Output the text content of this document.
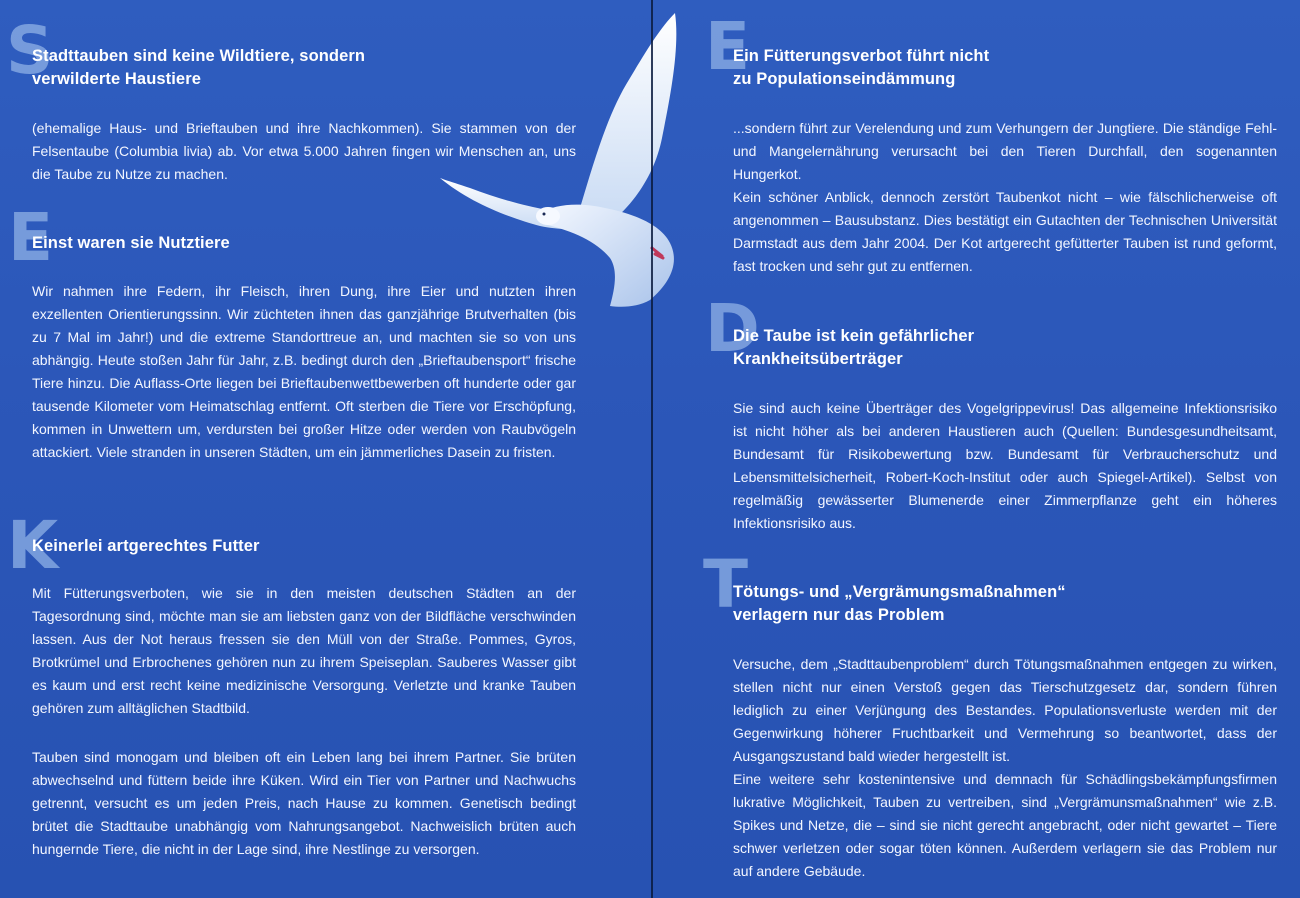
S
Stadttauben sind keine Wildtiere, sondern
verwilderte Haustiere

(ehemalige Haus- und Brieftauben und ihre Nachkommen). Sie stammen von der Felsentaube (Columbia livia) ab. Vor etwa 5.000 Jahren fingen wir Menschen an, uns die Taube zu Nutze zu machen.

E
Einst waren sie Nutztiere

Wir nahmen ihre Federn, ihr Fleisch, ihren Dung, ihre Eier und nutzten ihren exzellenten Orientierungssinn. Wir züchteten ihnen das ganzjährige Brutverhalten (bis zu 7 Mal im Jahr!) und die extreme Standorttreue an, und machten sie so von uns abhängig. Heute stoßen Jahr für Jahr, z.B. bedingt durch den „Brieftaubensport“ frische Tiere hinzu. Die Auflass-Orte liegen bei Brieftaubenwettbewerben oft hunderte oder gar tausende Kilometer vom Heimatschlag entfernt. Oft sterben die Tiere vor Erschöpfung, kommen in Unwettern um, verdursten bei großer Hitze oder werden von Raubvögeln attackiert. Viele stranden in unseren Städten, um ein jämmerliches Dasein zu fristen.

K
Keinerlei artgerechtes Futter

Mit Fütterungsverboten, wie sie in den meisten deutschen Städten an der Tagesordnung sind, möchte man sie am liebsten ganz von der Bildfläche verschwinden lassen. Aus der Not heraus fressen sie den Müll von der Straße. Pommes, Gyros, Brotkrümel und Erbrochenes gehören nun zu ihrem Speiseplan. Sauberes Wasser gibt es kaum und erst recht keine medizinische Versorgung. Verletzte und kranke Tauben gehören zum alltäglichen Stadtbild.

Tauben sind monogam und bleiben oft ein Leben lang bei ihrem Partner. Sie brüten abwechselnd und füttern beide ihre Küken. Wird ein Tier von Partner und Nachwuchs getrennt, versucht es um jeden Preis, nach Hause zu kommen. Genetisch bedingt brütet die Stadttaube unabhängig vom Nahrungsangebot. Nachweislich brüten auch hungernde Tiere, die nicht in der Lage sind, ihre Nestlinge zu versorgen.

E
Ein Fütterungsverbot führt nicht
zu Populationseindämmung

...sondern führt zur Verelendung und zum Verhungern der Jungtiere. Die ständige Fehl- und Mangelernährung verursacht bei den Tieren Durchfall, den sogenannten Hungerkot.

Kein schöner Anblick, dennoch zerstört Taubenkot nicht – wie fälschlicherweise oft angenommen – Bausubstanz. Dies bestätigt ein Gutachten der Technischen Universität Darmstadt aus dem Jahr 2004. Der Kot artgerecht gefütterter Tauben ist rund geformt, fast trocken und sehr gut zu entfernen.

D
Die Taube ist kein gefährlicher
Krankheitsüberträger

Sie sind auch keine Überträger des Vogelgrippevirus! Das allgemeine Infektionsrisiko ist nicht höher als bei anderen Haustieren auch (Quellen: Bundesgesundheitsamt, Bundesamt für Risikobewertung bzw. Bundesamt für Verbraucherschutz und Lebensmittelsicherheit, Robert-Koch-Institut oder auch Spiegel-Artikel). Selbst von regelmäßig gewässerter Blumenerde einer Zimmerpflanze geht ein höheres Infektionsrisiko aus.

T
Tötungs- und „Vergrämungsmaßnahmen“
verlagern nur das Problem

Versuche, dem „Stadttaubenproblem“ durch Tötungsmaßnahmen entgegen zu wirken, stellen nicht nur einen Verstoß gegen das Tierschutzgesetz dar, sondern führen lediglich zu einer Verjüngung des Bestandes. Populationsverluste werden mit der Gegenwirkung höherer Fruchtbarkeit und Vermehrung so beantwortet, dass der Ausgangszustand bald wieder hergestellt ist.

Eine weitere sehr kostenintensive und demnach für Schädlingsbekämpfungsfirmen lukrative Möglichkeit, Tauben zu vertreiben, sind „Vergrämunsmaßnahmen“ wie z.B. Spikes und Netze, die – sind sie nicht gerecht angebracht, oder nicht gewartet – Tiere schwer verletzen oder sogar töten können. Außerdem verlagern sie das Problem nur auf andere Gebäude.
